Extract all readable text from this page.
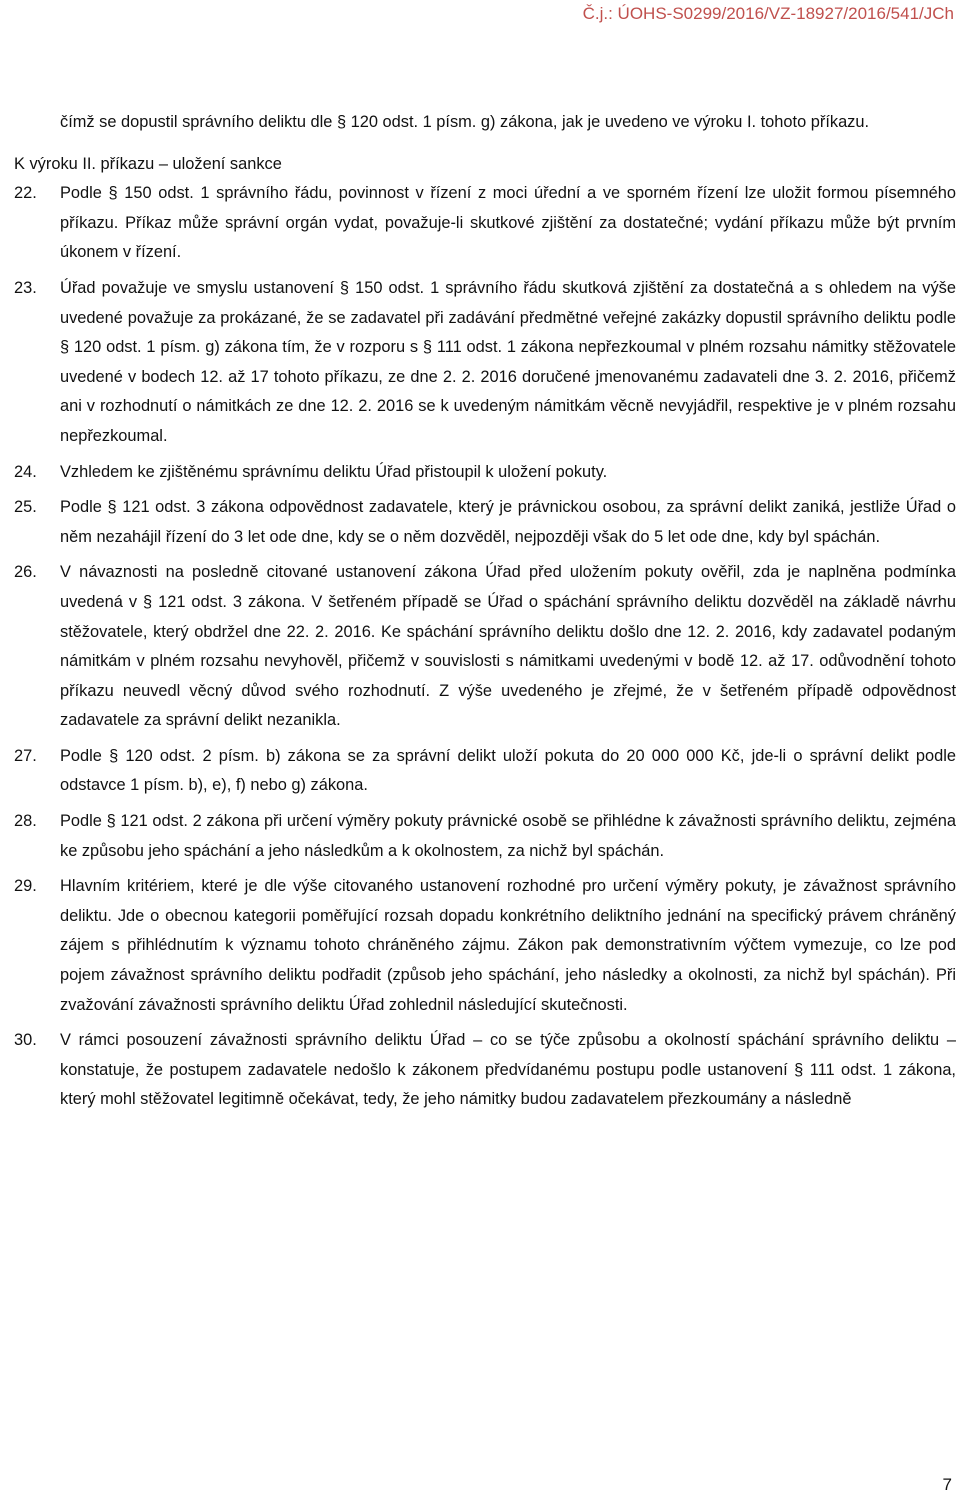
Č.j.: ÚOHS-S0299/2016/VZ-18927/2016/541/JCh

čímž se dopustil správního deliktu dle § 120 odst. 1 písm. g) zákona, jak je uvedeno ve výroku I. tohoto příkazu.

K výroku II. příkazu – uložení sankce

22. Podle § 150 odst. 1 správního řádu, povinnost v řízení z moci úřední a ve sporném řízení lze uložit formou písemného příkazu. Příkaz může správní orgán vydat, považuje-li skutkové zjištění za dostatečné; vydání příkazu může být prvním úkonem v řízení.

23. Úřad považuje ve smyslu ustanovení § 150 odst. 1 správního řádu skutková zjištění za dostatečná a s ohledem na výše uvedené považuje za prokázané, že se zadavatel při zadávání předmětné veřejné zakázky dopustil správního deliktu podle § 120 odst. 1 písm. g) zákona tím, že v rozporu s § 111 odst. 1 zákona nepřezkoumal v plném rozsahu námitky stěžovatele uvedené v bodech 12. až 17 tohoto příkazu, ze dne 2. 2. 2016 doručené jmenovanému zadavateli dne 3. 2. 2016, přičemž ani v rozhodnutí o námitkách ze dne 12. 2. 2016 se k uvedeným námitkám věcně nevyjádřil, respektive je v plném rozsahu nepřezkoumal.

24. Vzhledem ke zjištěnému správnímu deliktu Úřad přistoupil k uložení pokuty.

25. Podle § 121 odst. 3 zákona odpovědnost zadavatele, který je právnickou osobou, za správní delikt zaniká, jestliže Úřad o něm nezahájil řízení do 3 let ode dne, kdy se o něm dozvěděl, nejpozději však do 5 let ode dne, kdy byl spáchán.

26. V návaznosti na posledně citované ustanovení zákona Úřad před uložením pokuty ověřil, zda je naplněna podmínka uvedená v § 121 odst. 3 zákona. V šetřeném případě se Úřad o spáchání správního deliktu dozvěděl na základě návrhu stěžovatele, který obdržel dne 22. 2. 2016. Ke spáchání správního deliktu došlo dne 12. 2. 2016, kdy zadavatel podaným námitkám v plném rozsahu nevyhověl, přičemž v souvislosti s námitkami uvedenými v bodě 12. až 17. odůvodnění tohoto příkazu neuvedl věcný důvod svého rozhodnutí. Z výše uvedeného je zřejmé, že v šetřeném případě odpovědnost zadavatele za správní delikt nezanikla.

27. Podle § 120 odst. 2 písm. b) zákona se za správní delikt uloží pokuta do 20 000 000 Kč, jde-li o správní delikt podle odstavce 1 písm. b), e), f) nebo g) zákona.

28. Podle § 121 odst. 2 zákona při určení výměry pokuty právnické osobě se přihlédne k závažnosti správního deliktu, zejména ke způsobu jeho spáchání a jeho následkům a k okolnostem, za nichž byl spáchán.

29. Hlavním kritériem, které je dle výše citovaného ustanovení rozhodné pro určení výměry pokuty, je závažnost správního deliktu. Jde o obecnou kategorii poměřující rozsah dopadu konkrétního deliktního jednání na specifický právem chráněný zájem s přihlédnutím k významu tohoto chráněného zájmu. Zákon pak demonstrativním výčtem vymezuje, co lze pod pojem závažnost správního deliktu podřadit (způsob jeho spáchání, jeho následky a okolnosti, za nichž byl spáchán). Při zvažování závažnosti správního deliktu Úřad zohlednil následující skutečnosti.

30. V rámci posouzení závažnosti správního deliktu Úřad – co se týče způsobu a okolností spáchání správního deliktu – konstatuje, že postupem zadavatele nedošlo k zákonem předvídanému postupu podle ustanovení § 111 odst. 1 zákona, který mohl stěžovatel legitimně očekávat, tedy, že jeho námitky budou zadavatelem přezkoumány a následně

7
